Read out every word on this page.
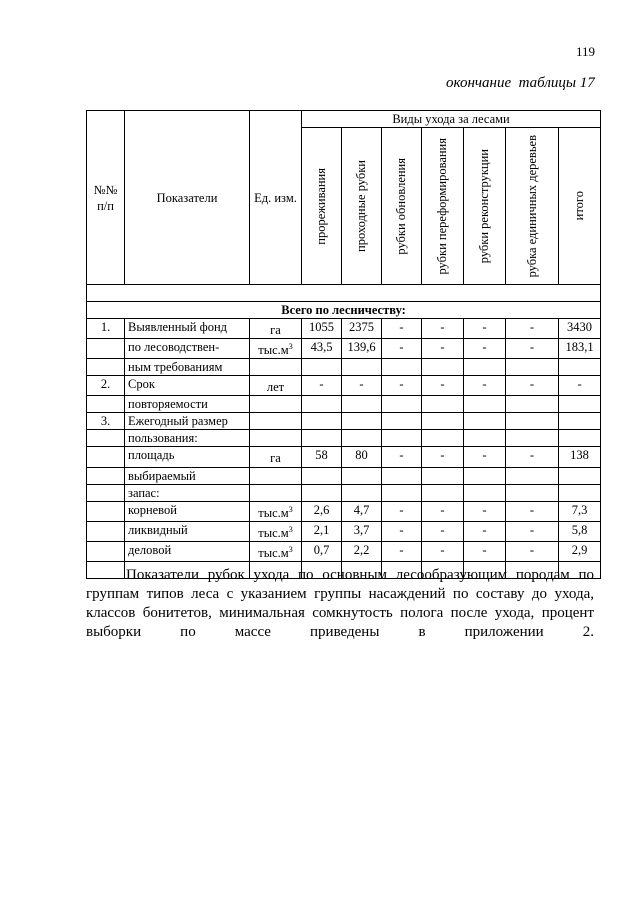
119
окончание  таблицы 17
№№ п/п	Показатели	Ед. изм.	Виды ухода за лесами						

			прореживания	проходные рубки	рубки обновления	рубки переформирования	рубки реконструкции	рубка единичных деревьев	итого

Всего по лесничеству:									
1.	Выявленный фонд	га	1055	2375	-	-	-	-	3430
	по лесоводствен-	$тыс.м^3$	43,5	139,6	-	-	-	-	183,1
	ным требованиям								
2.	Срок	лет	-	-	-	-	-	-	-
	повторяемости								
3.	Ежегодный размер								
	пользования:								
	площадь	га	58	80	-	-	-	-	138
	выбираемый								
	запас:								
	корневой	$тыс.м^3$	2,6	4,7	-	-	-	-	7,3
	ликвидный	$тыс.м^3$	2,1	3,7	-	-	-	-	5,8
	деловой	$тыс.м^3$	0,7	2,2	-	-	-	-	2,9

Показатели рубок ухода по основным лесообразующим породам по группам типов леса с указанием группы насаждений по составу до ухода, классов бонитетов, минимальная сомкнутость полога после ухода, процент выборки по массе приведены в приложении 2.
